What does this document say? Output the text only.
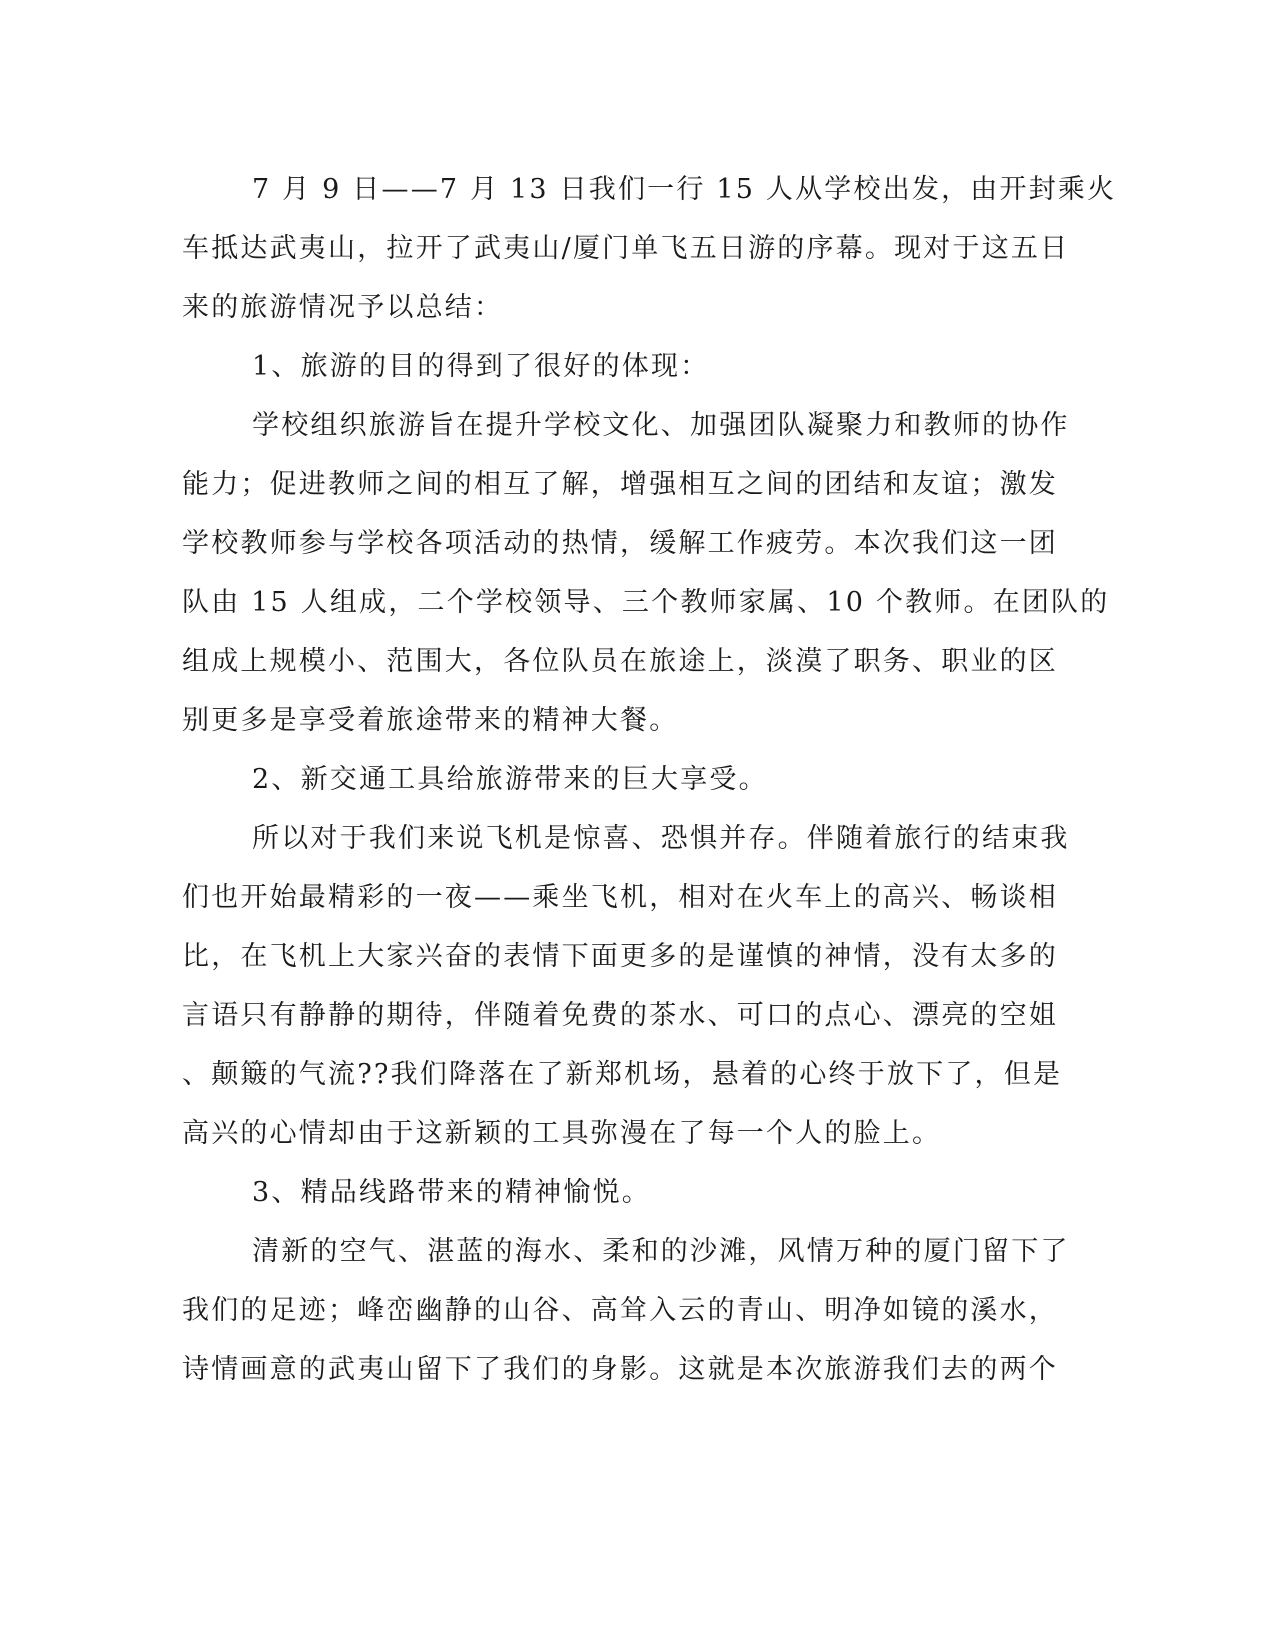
7 月 9 日——7 月 13 日我们一行 15 人从学校出发，由开封乘火
车抵达武夷山，拉开了武夷山/厦门单飞五日游的序幕。现对于这五日
来的旅游情况予以总结：
1、旅游的目的得到了很好的体现：
学校组织旅游旨在提升学校文化、加强团队凝聚力和教师的协作
能力；促进教师之间的相互了解，增强相互之间的团结和友谊；激发
学校教师参与学校各项活动的热情，缓解工作疲劳。本次我们这一团
队由 15 人组成，二个学校领导、三个教师家属、10 个教师。在团队的
组成上规模小、范围大，各位队员在旅途上，淡漠了职务、职业的区
别更多是享受着旅途带来的精神大餐。
2、新交通工具给旅游带来的巨大享受。
所以对于我们来说飞机是惊喜、恐惧并存。伴随着旅行的结束我
们也开始最精彩的一夜——乘坐飞机，相对在火车上的高兴、畅谈相
比，在飞机上大家兴奋的表情下面更多的是谨慎的神情，没有太多的
言语只有静静的期待，伴随着免费的茶水、可口的点心、漂亮的空姐
、颠簸的气流??我们降落在了新郑机场，悬着的心终于放下了，但是
高兴的心情却由于这新颖的工具弥漫在了每一个人的脸上。
3、精品线路带来的精神愉悦。
清新的空气、湛蓝的海水、柔和的沙滩，风情万种的厦门留下了
我们的足迹；峰峦幽静的山谷、高耸入云的青山、明净如镜的溪水，
诗情画意的武夷山留下了我们的身影。这就是本次旅游我们去的两个
